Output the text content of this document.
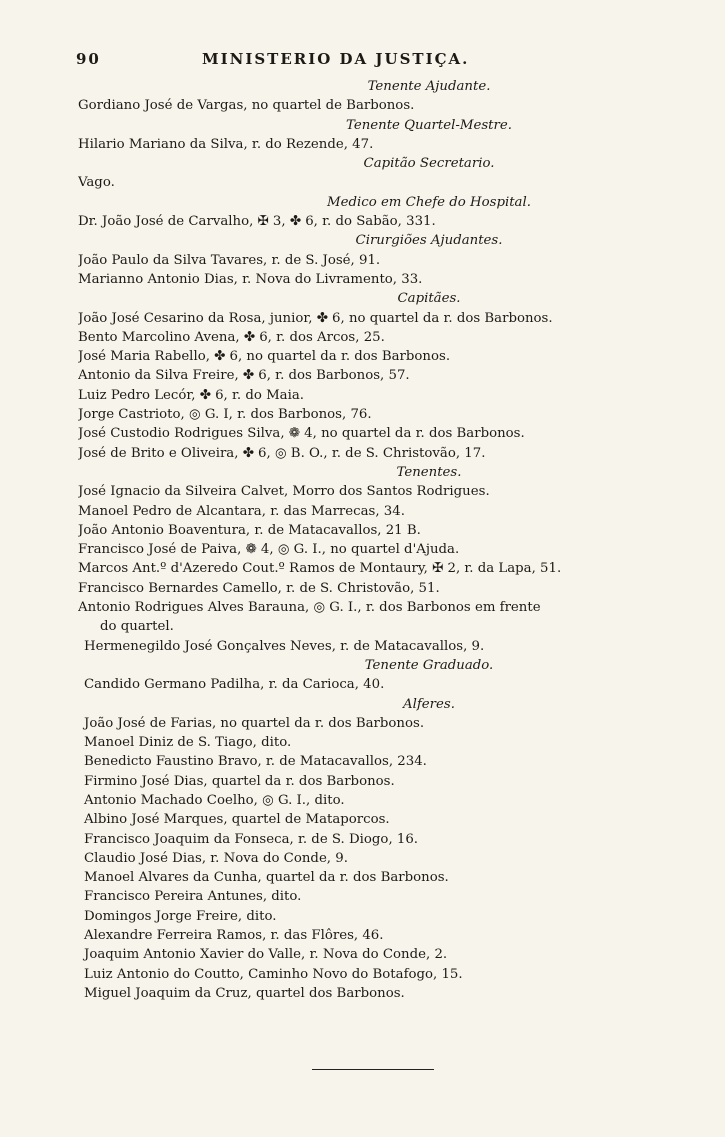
90	MINISTERIO DA JUSTIÇA.
Tenente Ajudante.
Gordiano José de Vargas, no quartel de Barbonos.
Tenente Quartel-Mestre.
Hilario Mariano da Silva, r. do Rezende, 47.
Capitão Secretario.
Vago.
Medico em Chefe do Hospital.
Dr. João José de Carvalho, ✠ 3, ✤ 6, r. do Sabão, 331.
Cirurgiões Ajudantes.
João Paulo da Silva Tavares, r. de S. José, 91.
Marianno Antonio Dias, r. Nova do Livramento, 33.
Capitães.
João José Cesarino da Rosa, junior, ✤ 6, no quartel da r. dos Barbonos.
Bento Marcolino Avena, ✤ 6, r. dos Arcos, 25.
José Maria Rabello, ✤ 6, no quartel da r. dos Barbonos.
Antonio da Silva Freire, ✤ 6, r. dos Barbonos, 57.
Luiz Pedro Lecór, ✤ 6, r. do Maia.
Jorge Castrioto, ◎ G. I, r. dos Barbonos, 76.
José Custodio Rodrigues Silva, ❁ 4, no quartel da r. dos Barbonos.
José de Brito e Oliveira, ✤ 6, ◎ B. O., r. de S. Christovão, 17.
Tenentes.
José Ignacio da Silveira Calvet, Morro dos Santos Rodrigues.
Manoel Pedro de Alcantara, r. das Marrecas, 34.
João Antonio Boaventura, r. de Matacavallos, 21 B.
Francisco José de Paiva, ❁ 4, ◎ G. I., no quartel d'Ajuda.
Marcos Ant.º d'Azeredo Cout.º Ramos de Montaury, ✠ 2, r. da Lapa, 51.
Francisco Bernardes Camello, r. de S. Christovão, 51.
Antonio Rodrigues Alves Barauna, ◎ G. I., r. dos Barbonos em frente
do quartel.
Hermenegildo José Gonçalves Neves, r. de Matacavallos, 9.
Tenente Graduado.
Candido Germano Padilha, r. da Carioca, 40.
Alferes.
João José de Farias, no quartel da r. dos Barbonos.
Manoel Diniz de S. Tiago, dito.
Benedicto Faustino Bravo, r. de Matacavallos, 234.
Firmino José Dias, quartel da r. dos Barbonos.
Antonio Machado Coelho, ◎ G. I., dito.
Albino José Marques, quartel de Mataporcos.
Francisco Joaquim da Fonseca, r. de S. Diogo, 16.
Claudio José Dias, r. Nova do Conde, 9.
Manoel Alvares da Cunha, quartel da r. dos Barbonos.
Francisco Pereira Antunes, dito.
Domingos Jorge Freire, dito.
Alexandre Ferreira Ramos, r. das Flôres, 46.
Joaquim Antonio Xavier do Valle, r. Nova do Conde, 2.
Luiz Antonio do Coutto, Caminho Novo do Botafogo, 15.
Miguel Joaquim da Cruz, quartel dos Barbonos.
